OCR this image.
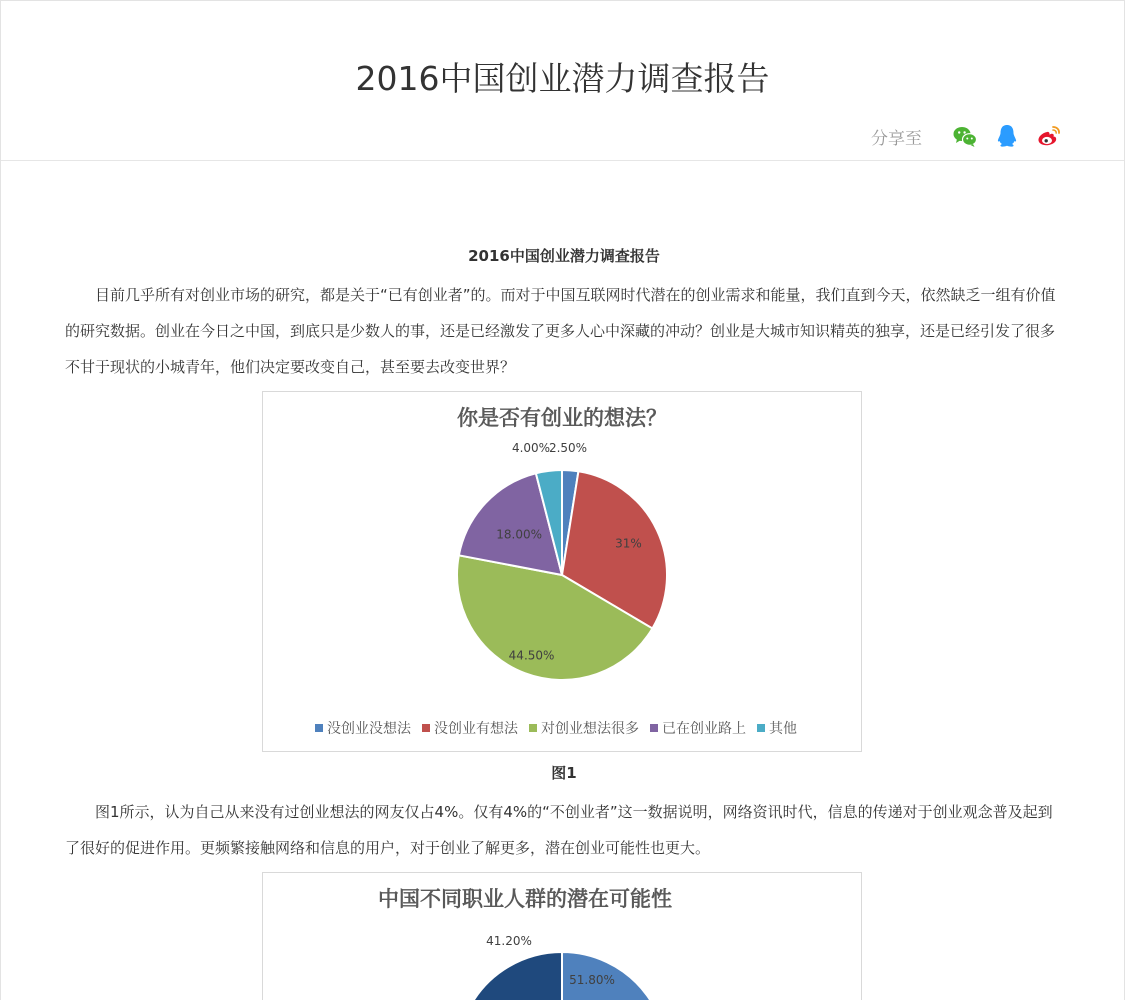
2016中国创业潜力调查报告
分享至
2016中国创业潜力调查报告

目前几乎所有对创业市场的研究，都是关于“已有创业者”的。而对于中国互联网时代潜在的创业需求和能量，我们直到今天，依然缺乏一组有价值的研究数据。创业在今日之中国，到底只是少数人的事，还是已经激发了更多人心中深藏的冲动？创业是大城市知识精英的独享，还是已经引发了很多不甘于现状的小城青年，他们决定要改变自己，甚至要去改变世界？

你是否有创业的想法？
2.50%
31%
44.50%
18.00%
4.00%
没创业没想法 没创业有想法 对创业想法很多 已在创业路上 其他
图1

图1所示，认为自己从来没有过创业想法的网友仅占4%。仅有4%的“不创业者”这一数据说明，网络资讯时代，信息的传递对于创业观念普及起到了很好的促进作用。更频繁接触网络和信息的用户，对于创业了解更多，潜在创业可能性也更大。

中国不同职业人群的潜在可能性
51.80%
41.20%
